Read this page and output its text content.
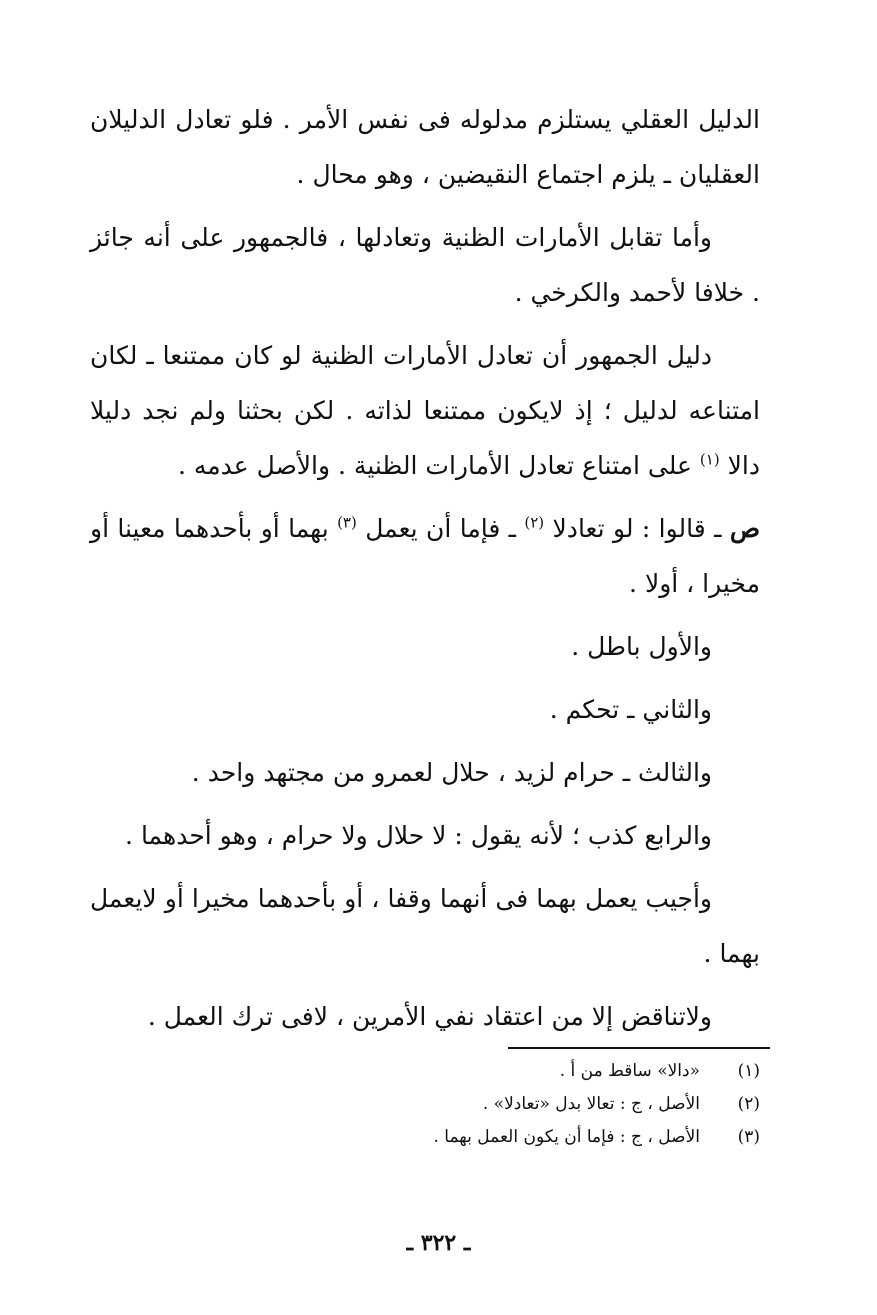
الدليل العقلي يستلزم مدلوله فى نفس الأمر . فلو تعادل الدليلان العقليان ـ يلزم اجتماع النقيضين ، وهو محال .

وأما تقابل الأمارات الظنية وتعادلها ، فالجمهور على أنه جائز . خلافا لأحمد والكرخي .

دليل الجمهور أن تعادل الأمارات الظنية لو كان ممتنعا ـ لكان امتناعه لدليل ؛ إذ لايكون ممتنعا لذاته . لكن بحثنا ولم نجد دليلا دالا $^{(١)}$ على امتناع تعادل الأمارات الظنية . والأصل عدمه .

ص ـ قالوا : لو تعادلا $^{(٢)}$ ـ فإما أن يعمل $^{(٣)}$ بهما أو بأحدهما معينا أو مخيرا ، أولا .

والأول باطل .

والثاني ـ تحكم .

والثالث ـ حرام لزيد ، حلال لعمرو من مجتهد واحد .

والرابع كذب ؛ لأنه يقول : لا حلال ولا حرام ، وهو أحدهما .

وأجيب يعمل بهما فى أنهما وقفا ، أو بأحدهما مخيرا أو لايعمل بهما .

ولاتناقض إلا من اعتقاد نفي الأمرين ، لافى ترك العمل .

(١)
«دالا» ساقط من أ .
(٢)
الأصل ، ج : تعالا بدل «تعادلا» .
(٣)
الأصل ، ج : فإما أن يكون العمل بهما .
ـ ٣٢٢ ـ
